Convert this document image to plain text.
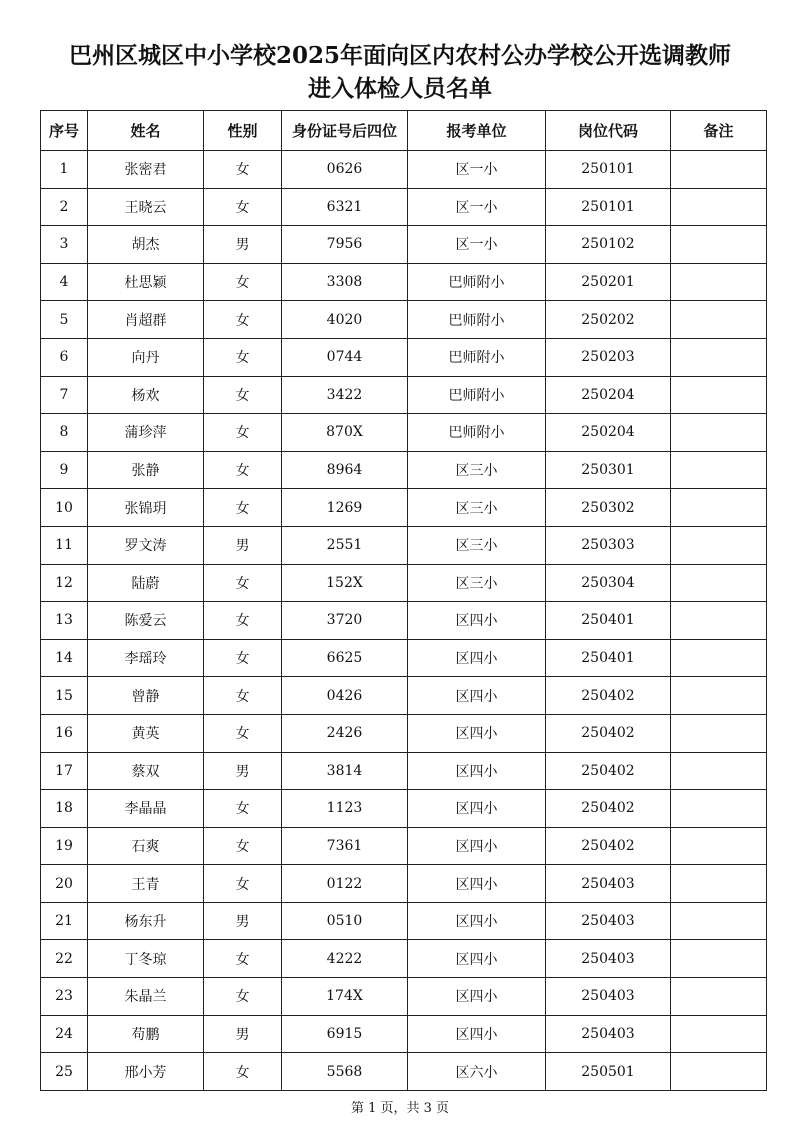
巴州区城区中小学校2025年面向区内农村公办学校公开选调教师
进入体检人员名单
序号	姓名	性别	身份证号后四位	报考单位	岗位代码	备注
1	张密君	女	0626	区一小	250101	
2	王晓云	女	6321	区一小	250101	
3	胡杰	男	7956	区一小	250102	
4	杜思颖	女	3308	巴师附小	250201	
5	肖超群	女	4020	巴师附小	250202	
6	向丹	女	0744	巴师附小	250203	
7	杨欢	女	3422	巴师附小	250204	
8	蒲珍萍	女	870X	巴师附小	250204	
9	张静	女	8964	区三小	250301	
10	张锦玥	女	1269	区三小	250302	
11	罗文涛	男	2551	区三小	250303	
12	陆蔚	女	152X	区三小	250304	
13	陈爱云	女	3720	区四小	250401	
14	李瑶玲	女	6625	区四小	250401	
15	曾静	女	0426	区四小	250402	
16	黄英	女	2426	区四小	250402	
17	蔡双	男	3814	区四小	250402	
18	李晶晶	女	1123	区四小	250402	
19	石爽	女	7361	区四小	250402	
20	王青	女	0122	区四小	250403	
21	杨东升	男	0510	区四小	250403	
22	丁冬琼	女	4222	区四小	250403	
23	朱晶兰	女	174X	区四小	250403	
24	苟鹏	男	6915	区四小	250403	
25	邢小芳	女	5568	区六小	250501	
第 1 页，共 3 页
